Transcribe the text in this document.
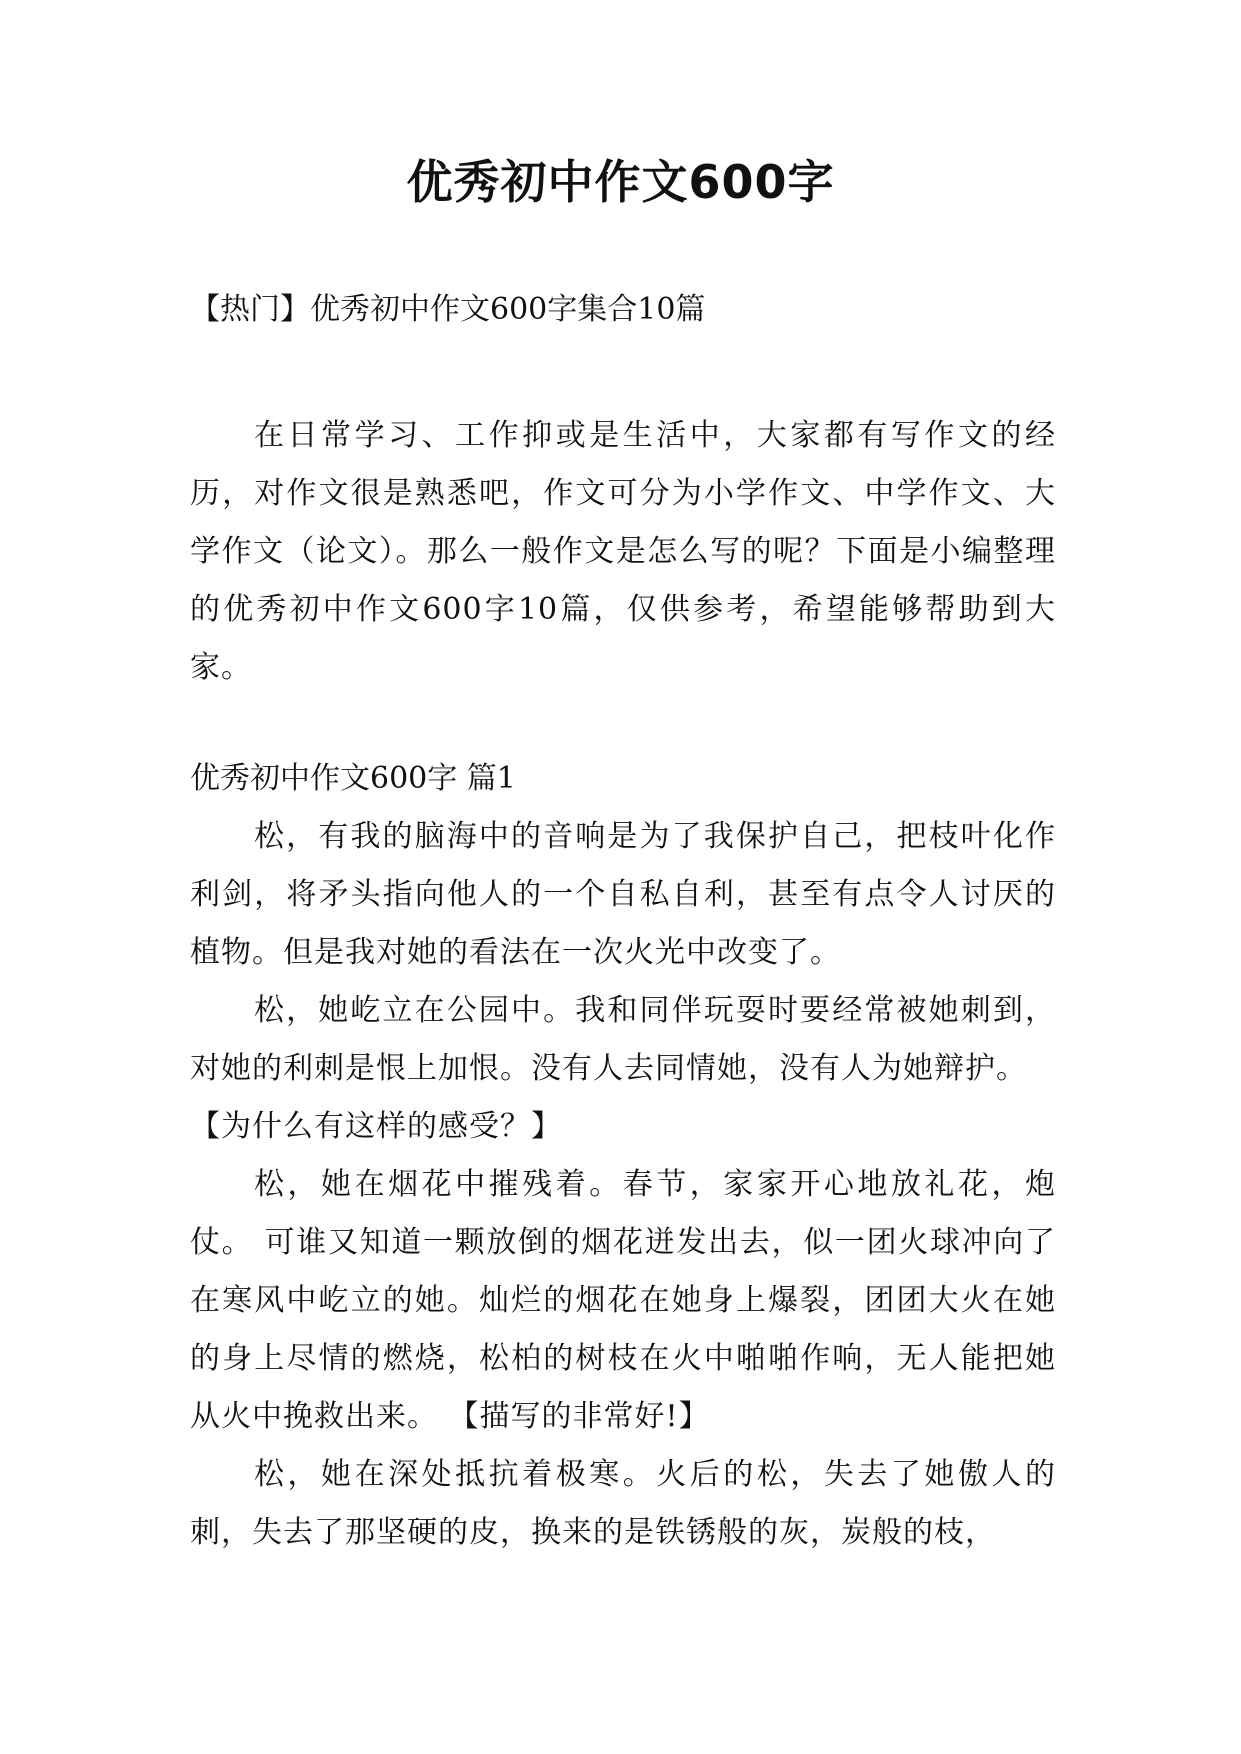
优秀初中作文600字

【热门】优秀初中作文600字集合10篇

在日常学习、工作抑或是生活中，大家都有写作文的经历，对作文很是熟悉吧，作文可分为小学作文、中学作文、大学作文（论文）。那么一般作文是怎么写的呢？下面是小编整理的优秀初中作文600字10篇，仅供参考，希望能够帮助到大家。

优秀初中作文600字 篇1

松，有我的脑海中的音响是为了我保护自己，把枝叶化作利剑，将矛头指向他人的一个自私自利，甚至有点令人讨厌的植物。但是我对她的看法在一次火光中改变了。

松，她屹立在公园中。我和同伴玩耍时要经常被她刺到，对她的利刺是恨上加恨。没有人去同情她，没有人为她辩护。

【为什么有这样的感受？】

松，她在烟花中摧残着。春节，家家开心地放礼花，炮仗。 可谁又知道一颗放倒的烟花迸发出去，似一团火球冲向了在寒风中屹立的她。灿烂的烟花在她身上爆裂，团团大火在她的身上尽情的燃烧，松柏的树枝在火中啪啪作响，无人能把她从火中挽救出来。 【描写的非常好!】

松，她在深处抵抗着极寒。火后的松，失去了她傲人的刺，失去了那坚硬的皮，换来的是铁锈般的灰，炭般的枝，
